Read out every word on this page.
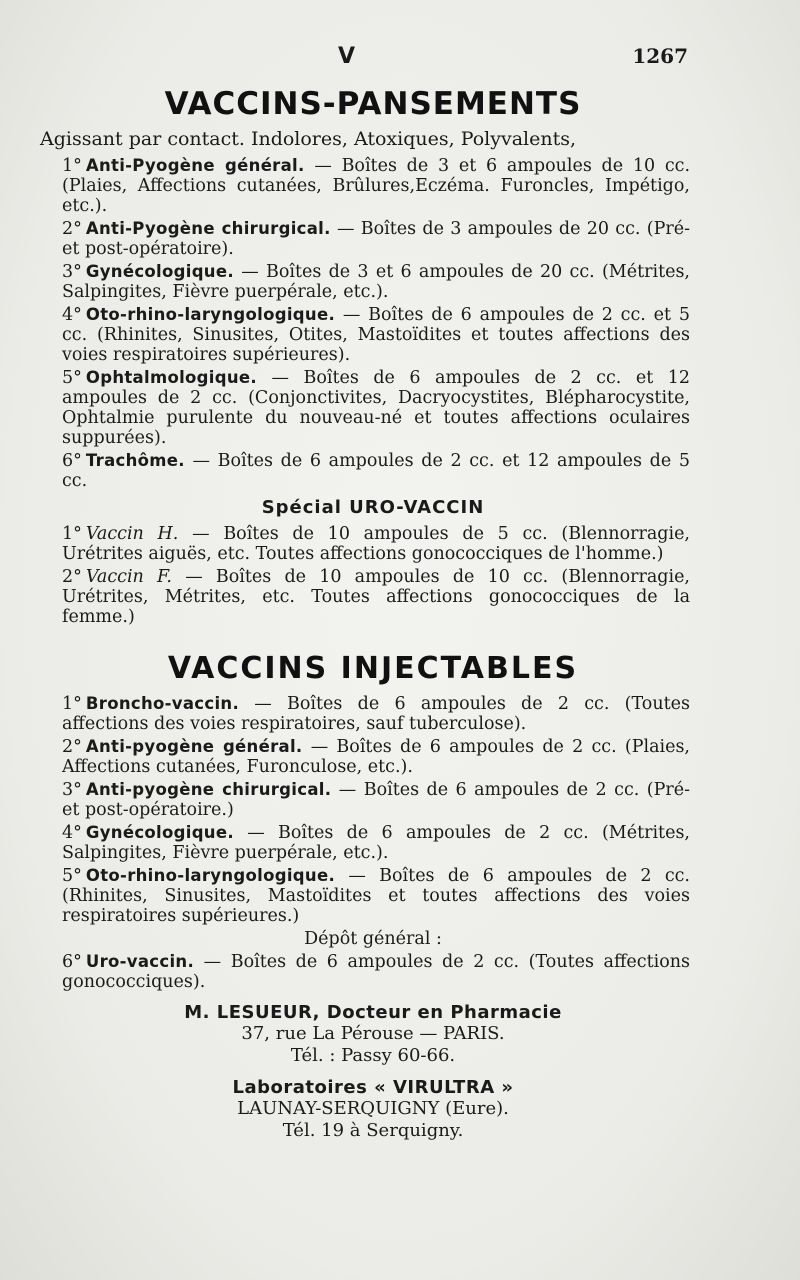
V	1267
VACCINS-PANSEMENTS
Agissant par contact. Indolores, Atoxiques, Polyvalents,

1° Anti-Pyogène général. — Boîtes de 3 et 6 ampoules de 10 cc. (Plaies, Affections cutanées, Brûlures,Eczéma. Furoncles, Impétigo, etc.).

2° Anti-Pyogène chirurgical. — Boîtes de 3 ampoules de 20 cc. (Pré- et post-opératoire).

3° Gynécologique. — Boîtes de 3 et 6 ampoules de 20 cc. (Métrites, Salpingites, Fièvre puerpérale, etc.).

4° Oto-rhino-laryngologique. — Boîtes de 6 ampoules de 2 cc. et 5 cc. (Rhinites, Sinusites, Otites, Mastoïdites et toutes affections des voies respiratoires supérieures).

5° Ophtalmologique. — Boîtes de 6 ampoules de 2 cc. et 12 ampoules de 2 cc. (Conjonctivites, Dacryocystites, Blépharocystite, Ophtalmie purulente du nouveau-né et toutes affections oculaires suppurées).

6° Trachôme. — Boîtes de 6 ampoules de 2 cc. et 12 ampoules de 5 cc.

Spécial URO-VACCIN

1° Vaccin H. — Boîtes de 10 ampoules de 5 cc. (Blennorragie, Urétrites aiguës, etc. Toutes affections gonococciques de l'homme.)

2° Vaccin F. — Boîtes de 10 ampoules de 10 cc. (Blennorragie, Urétrites, Métrites, etc. Toutes affections gonococciques de la femme.)

VACCINS INJECTABLES

1° Broncho-vaccin. — Boîtes de 6 ampoules de 2 cc. (Toutes affections des voies respiratoires, sauf tuberculose).

2° Anti-pyogène général. — Boîtes de 6 ampoules de 2 cc. (Plaies, Affections cutanées, Furonculose, etc.).

3° Anti-pyogène chirurgical. — Boîtes de 6 ampoules de 2 cc. (Pré- et post-opératoire.)

4° Gynécologique. — Boîtes de 6 ampoules de 2 cc. (Métrites, Salpingites, Fièvre puerpérale, etc.).

5° Oto-rhino-laryngologique. — Boîtes de 6 ampoules de 2 cc. (Rhinites, Sinusites, Mastoïdites et toutes affections des voies respiratoires supérieures.)

Dépôt général :

6° Uro-vaccin. — Boîtes de 6 ampoules de 2 cc. (Toutes affections gonococciques).

M. LESUEUR, Docteur en Pharmacie
37, rue La Pérouse — PARIS.
Tél. : Passy 60-66.
Laboratoires « VIRULTRA »
LAUNAY-SERQUIGNY (Eure).
Tél. 19 à Serquigny.
